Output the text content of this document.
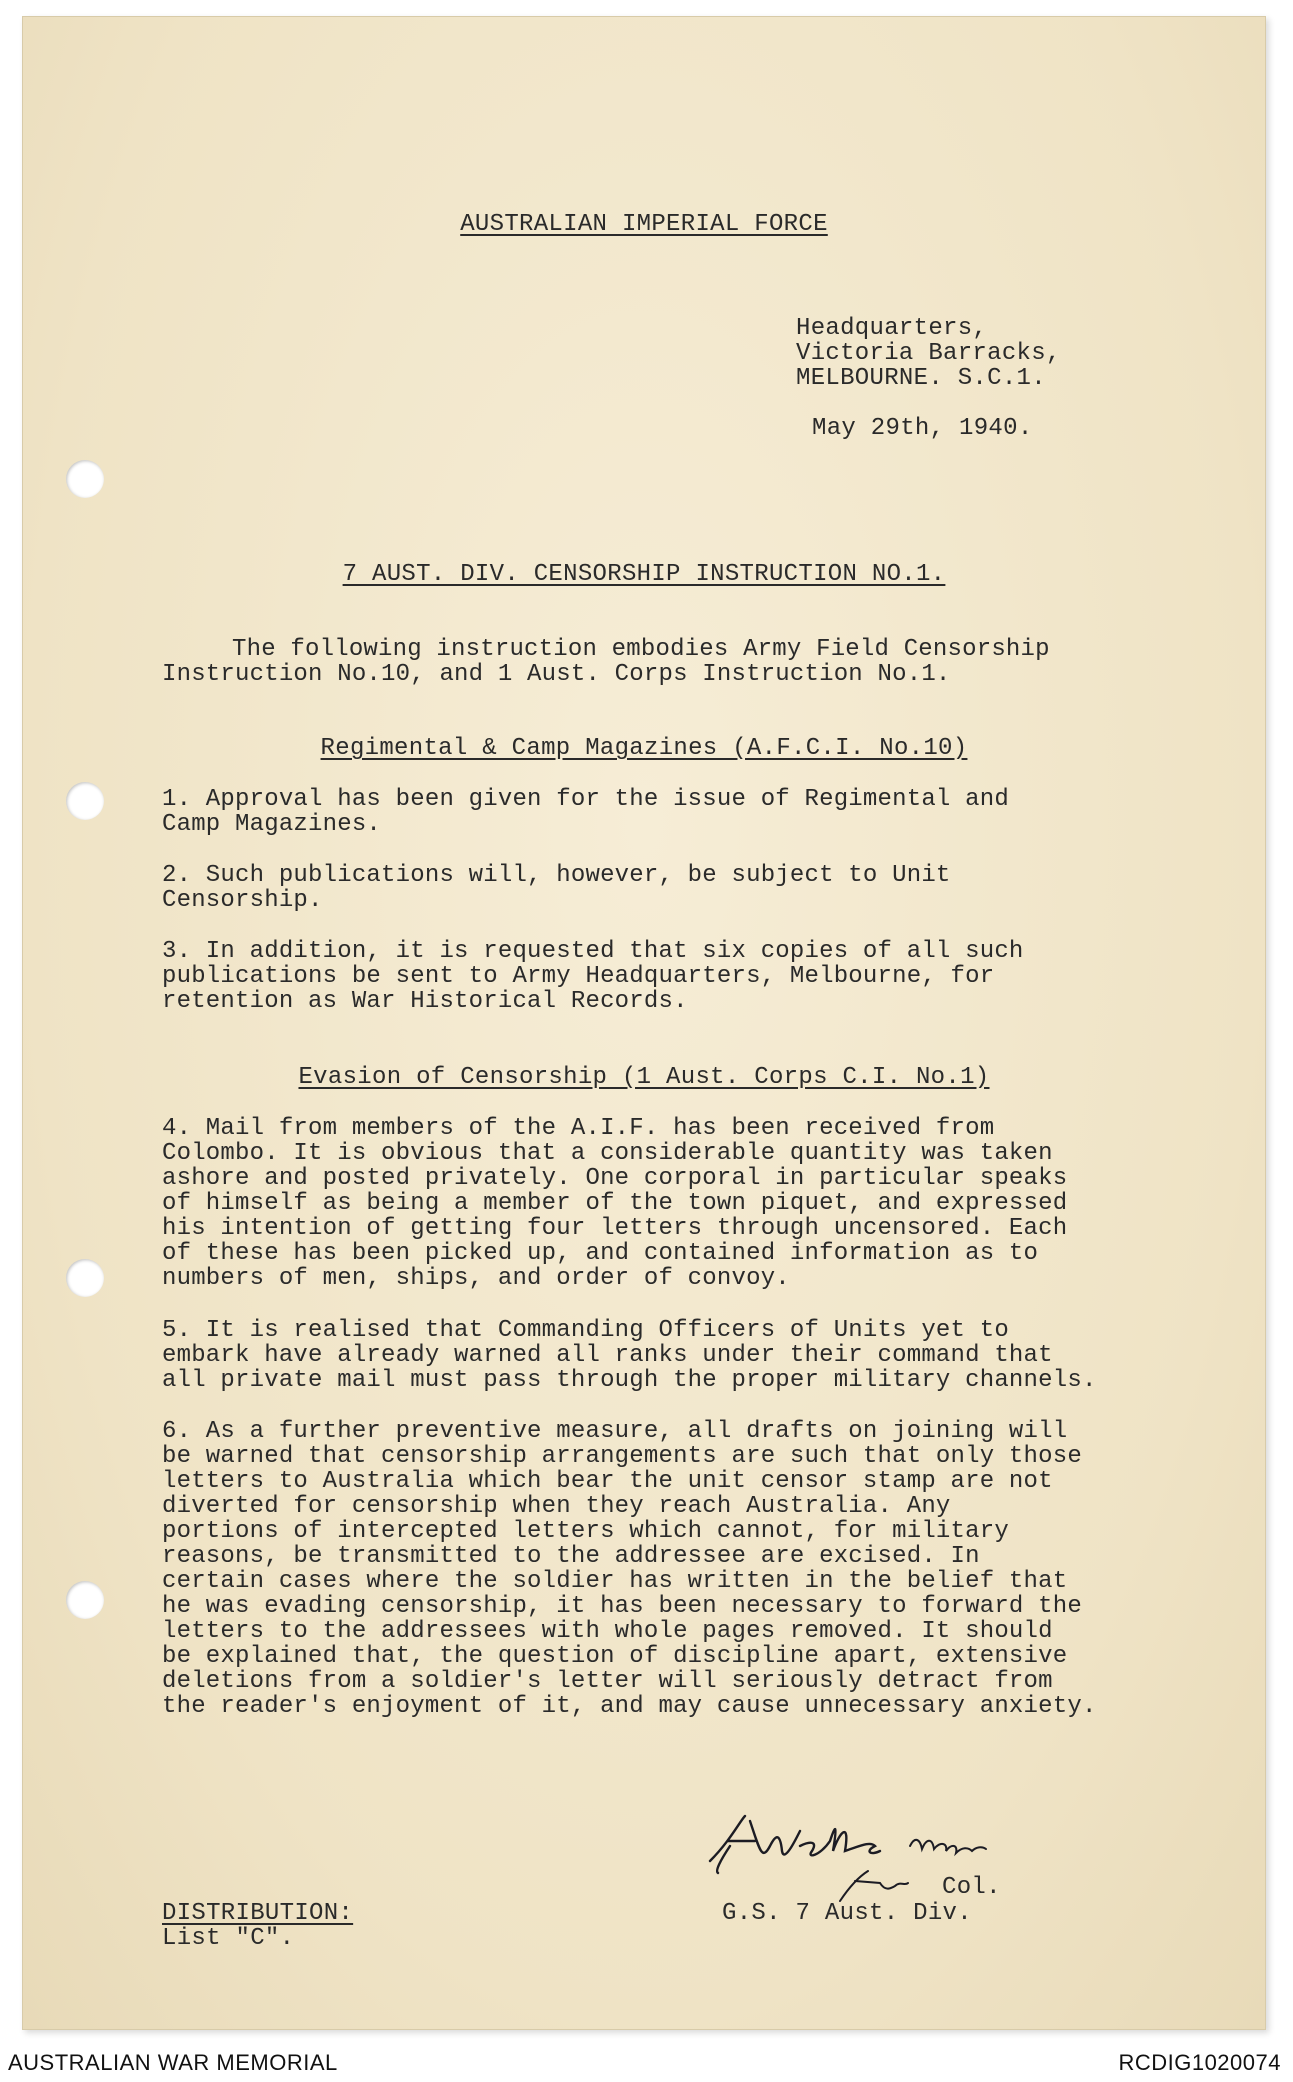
AUSTRALIAN IMPERIAL FORCE
Headquarters,
Victoria Barracks,
MELBOURNE. S.C.1.
May 29th, 1940.
7 AUST. DIV. CENSORSHIP INSTRUCTION NO.1.
The following instruction embodies Army Field Censorship
Instruction No.10, and 1 Aust. Corps Instruction No.1.
Regimental & Camp Magazines (A.F.C.I. No.10)
1. Approval has been given for the issue of Regimental and
Camp Magazines.
2. Such publications will, however, be subject to Unit
Censorship.
3. In addition, it is requested that six copies of all such
publications be sent to Army Headquarters, Melbourne, for
retention as War Historical Records.
Evasion of Censorship (1 Aust. Corps C.I. No.1)
4. Mail from members of the A.I.F. has been received from
Colombo. It is obvious that a considerable quantity was taken
ashore and posted privately. One corporal in particular speaks
of himself as being a member of the town piquet, and expressed
his intention of getting four letters through uncensored. Each
of these has been picked up, and contained information as to
numbers of men, ships, and order of convoy.
5. It is realised that Commanding Officers of Units yet to
embark have already warned all ranks under their command that
all private mail must pass through the proper military channels.
6. As a further preventive measure, all drafts on joining will
be warned that censorship arrangements are such that only those
letters to Australia which bear the unit censor stamp are not
diverted for censorship when they reach Australia. Any
portions of intercepted letters which cannot, for military
reasons, be transmitted to the addressee are excised. In
certain cases where the soldier has written in the belief that
he was evading censorship, it has been necessary to forward the
letters to the addressees with whole pages removed. It should
be explained that, the question of discipline apart, extensive
deletions from a soldier's letter will seriously detract from
the reader's enjoyment of it, and may cause unnecessary anxiety.
Col.
G.S. 7 Aust. Div.
DISTRIBUTION:
List "C".
AUSTRALIAN WAR MEMORIAL	RCDIG1020074
